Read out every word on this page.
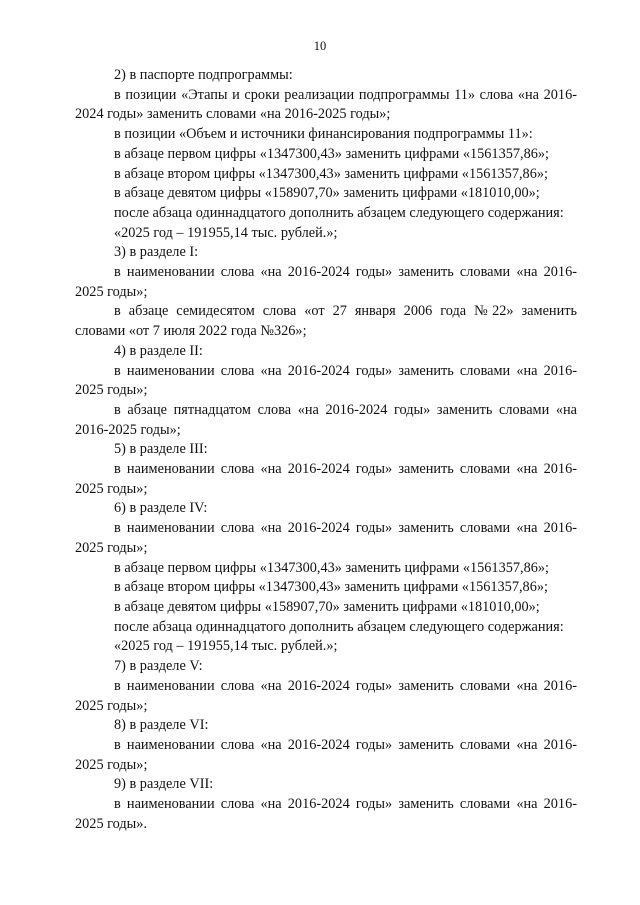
10

2) в паспорте подпрограммы:

в позиции «Этапы и сроки реализации подпрограммы 11» слова «на 2016-2024 годы» заменить словами «на 2016-2025 годы»;

в позиции «Объем и источники финансирования подпрограммы 11»:

в абзаце первом цифры «1347300,43» заменить цифрами «1561357,86»;

в абзаце втором цифры «1347300,43» заменить цифрами «1561357,86»;

в абзаце девятом цифры «158907,70» заменить цифрами «181010,00»;

после абзаца одиннадцатого дополнить абзацем следующего содержания:

«2025 год – 191955,14 тыс. рублей.»;

3) в разделе I:

в наименовании слова «на 2016-2024 годы» заменить словами «на 2016-2025 годы»;

в абзаце семидесятом слова «от 27 января 2006 года №22» заменить словами «от 7 июля 2022 года №326»;

4) в разделе II:

в наименовании слова «на 2016-2024 годы» заменить словами «на 2016-2025 годы»;

в абзаце пятнадцатом слова «на 2016-2024 годы» заменить словами «на 2016-2025 годы»;

5) в разделе III:

в наименовании слова «на 2016-2024 годы» заменить словами «на 2016-2025 годы»;

6) в разделе IV:

в наименовании слова «на 2016-2024 годы» заменить словами «на 2016-2025 годы»;

в абзаце первом цифры «1347300,43» заменить цифрами «1561357,86»;

в абзаце втором цифры «1347300,43» заменить цифрами «1561357,86»;

в абзаце девятом цифры «158907,70» заменить цифрами «181010,00»;

после абзаца одиннадцатого дополнить абзацем следующего содержания:

«2025 год – 191955,14 тыс. рублей.»;

7) в разделе V:

в наименовании слова «на 2016-2024 годы» заменить словами «на 2016-2025 годы»;

8) в разделе VI:

в наименовании слова «на 2016-2024 годы» заменить словами «на 2016-2025 годы»;

9) в разделе VII:

в наименовании слова «на 2016-2024 годы» заменить словами «на 2016-2025 годы».
